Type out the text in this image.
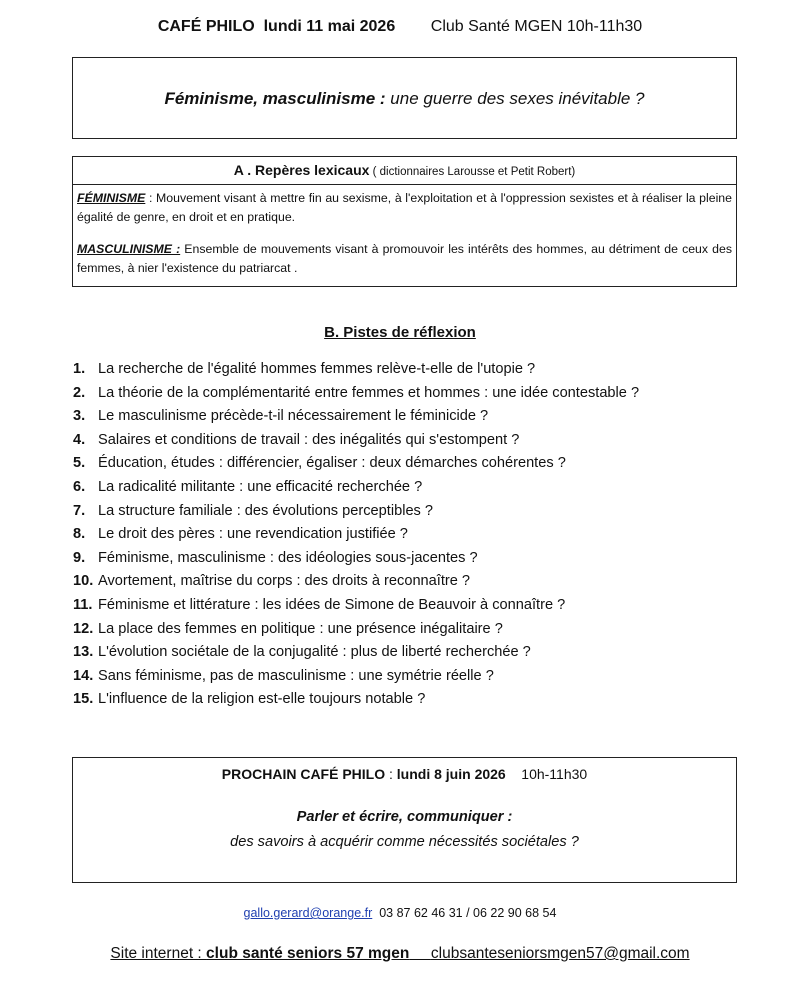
CAFÉ PHILO lundi 11 mai 2026 Club Santé MGEN 10h-11h30
Féminisme, masculinisme : une guerre des sexes inévitable ?
A . Repères lexicaux ( dictionnaires Larousse et Petit Robert)
FÉMINISME : Mouvement visant à mettre fin au sexisme, à l'exploitation et à l'oppression sexistes et à réaliser la pleine égalité de genre, en droit et en pratique.
MASCULINISME : Ensemble de mouvements visant à promouvoir les intérêts des hommes, au détriment de ceux des femmes, à nier l'existence du patriarcat .
B. Pistes de réflexion
1. La recherche de l'égalité hommes femmes relève-t-elle de l'utopie ?
2. La théorie de la complémentarité entre femmes et hommes : une idée contestable ?
3. Le masculinisme précède-t-il nécessairement le féminicide ?
4. Salaires et conditions de travail : des inégalités qui s'estompent ?
5. Éducation, études : différencier, égaliser : deux démarches cohérentes ?
6. La radicalité militante : une efficacité recherchée ?
7. La structure familiale : des évolutions perceptibles ?
8. Le droit des pères : une revendication justifiée ?
9. Féminisme, masculinisme : des idéologies sous-jacentes ?
10. Avortement, maîtrise du corps : des droits à reconnaître ?
11. Féminisme et littérature : les idées de Simone de Beauvoir à connaître ?
12. La place des femmes en politique : une présence inégalitaire ?
13. L'évolution sociétale de la conjugalité : plus de liberté recherchée ?
14. Sans féminisme, pas de masculinisme : une symétrie réelle ?
15. L'influence de la religion est-elle toujours notable ?
PROCHAIN CAFÉ PHILO : lundi 8 juin 2026 10h-11h30
Parler et écrire, communiquer :
des savoirs à acquérir comme nécessités sociétales ?
gallo.gerard@orange.fr 03 87 62 46 31 / 06 22 90 68 54
Site internet : club santé seniors 57 mgen clubsanteseniorsmgen57@gmail.com
